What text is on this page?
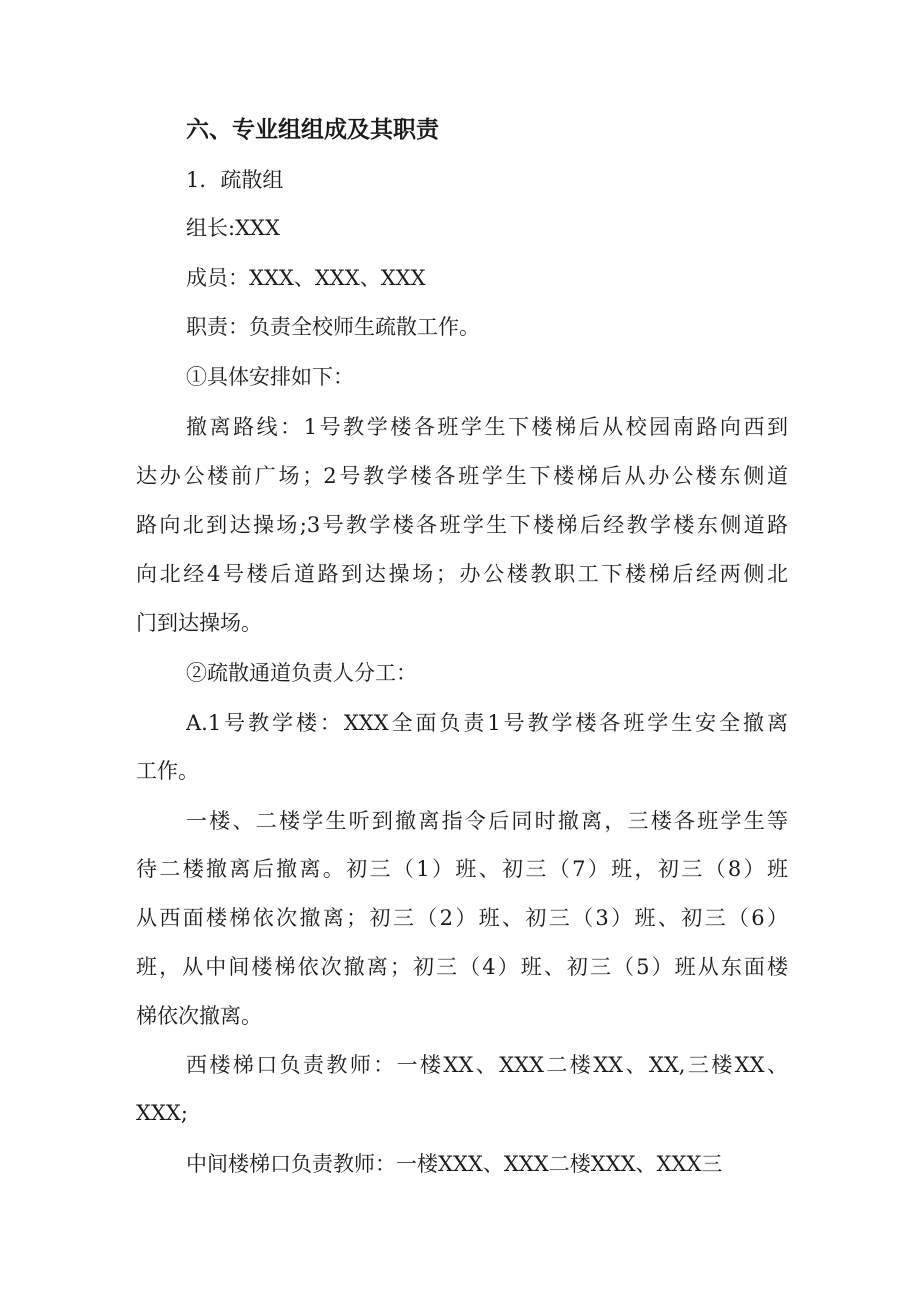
六、专业组组成及其职责
1．疏散组
组长:XXX
成员：XXX、XXX、XXX
职责：负责全校师生疏散工作。
①具体安排如下：
撤离路线：1号教学楼各班学生下楼梯后从校园南路向西到
达办公楼前广场；2号教学楼各班学生下楼梯后从办公楼东侧道
路向北到达操场;3号教学楼各班学生下楼梯后经教学楼东侧道路
向北经4号楼后道路到达操场；办公楼教职工下楼梯后经两侧北
门到达操场。
②疏散通道负责人分工：
A.1号教学楼：XXX全面负责1号教学楼各班学生安全撤离
工作。
一楼、二楼学生听到撤离指令后同时撤离，三楼各班学生等
待二楼撤离后撤离。初三（1）班、初三（7）班，初三（8）班
从西面楼梯依次撤离；初三（2）班、初三（3）班、初三（6）
班，从中间楼梯依次撤离；初三（4）班、初三（5）班从东面楼
梯依次撤离。
西楼梯口负责教师：一楼XX、XXX二楼XX、XX,三楼XX、
XXX;
中间楼梯口负责教师：一楼XXX、XXX二楼XXX、XXX三
